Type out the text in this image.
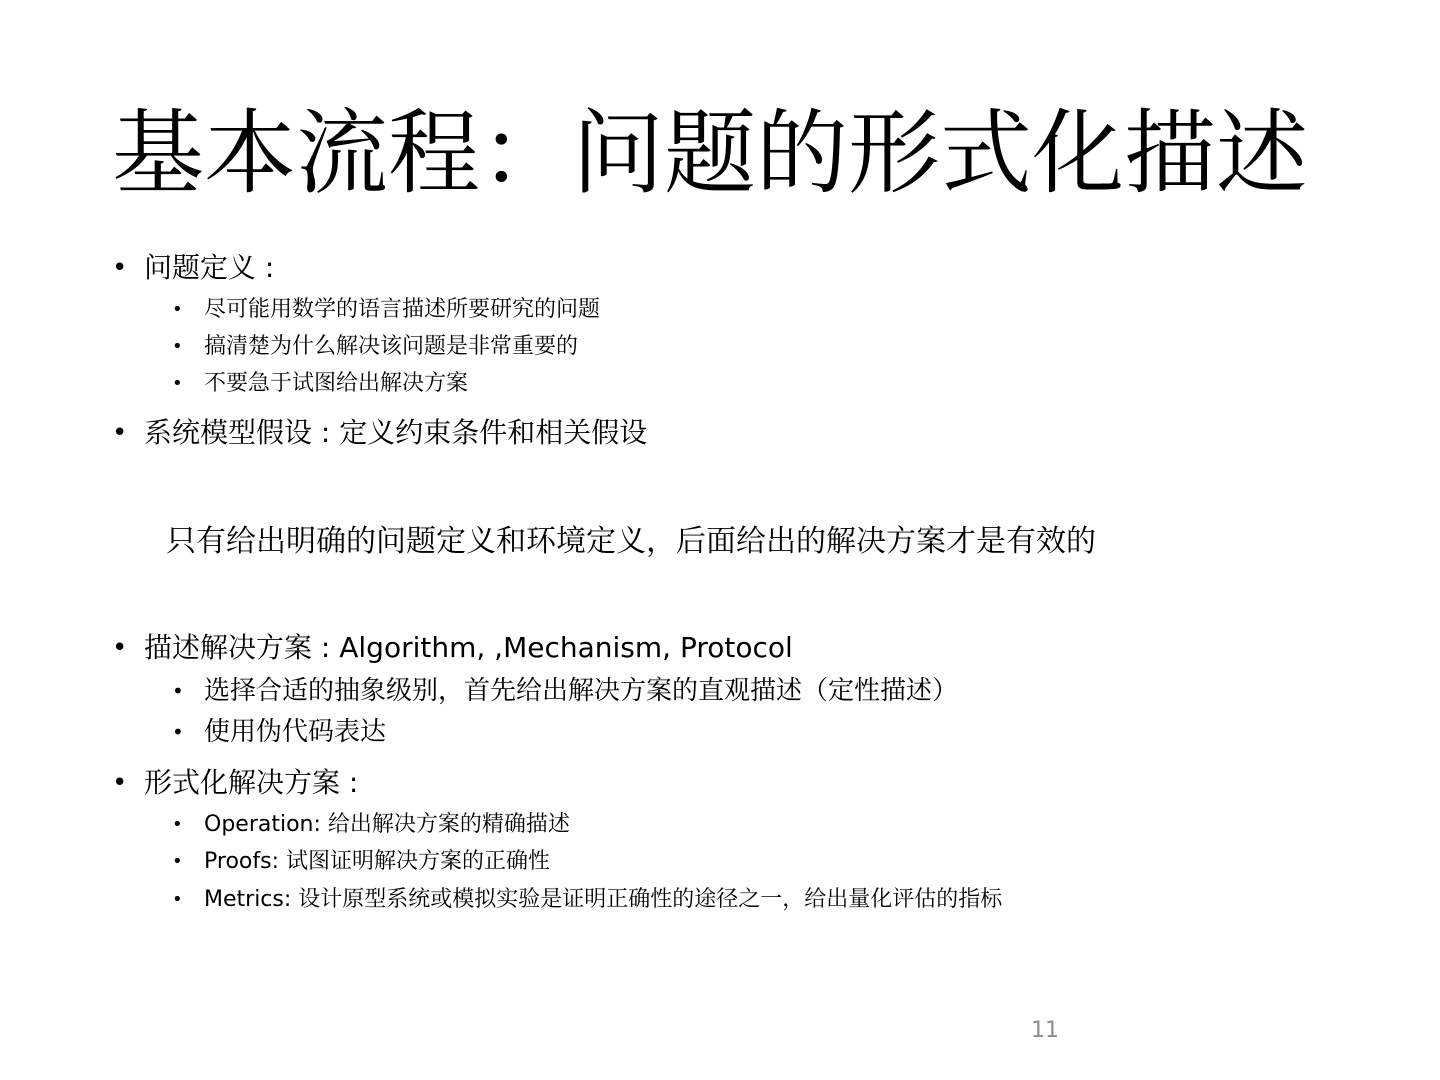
基本流程：问题的形式化描述
• 问题定义 :
• 尽可能用数学的语言描述所要研究的问题
• 搞清楚为什么解决该问题是非常重要的
• 不要急于试图给出解决方案
• 系统模型假设 : 定义约束条件和相关假设
只有给出明确的问题定义和环境定义，后面给出的解决方案才是有效的
• 描述解决方案 : Algorithm, ,Mechanism, Protocol
• 选择合适的抽象级别，首先给出解决方案的直观描述（定性描述）
• 使用伪代码表达
• 形式化解决方案 :
• Operation: 给出解决方案的精确描述
• Proofs: 试图证明解决方案的正确性
• Metrics: 设计原型系统或模拟实验是证明正确性的途径之一，给出量化评估的指标
11
